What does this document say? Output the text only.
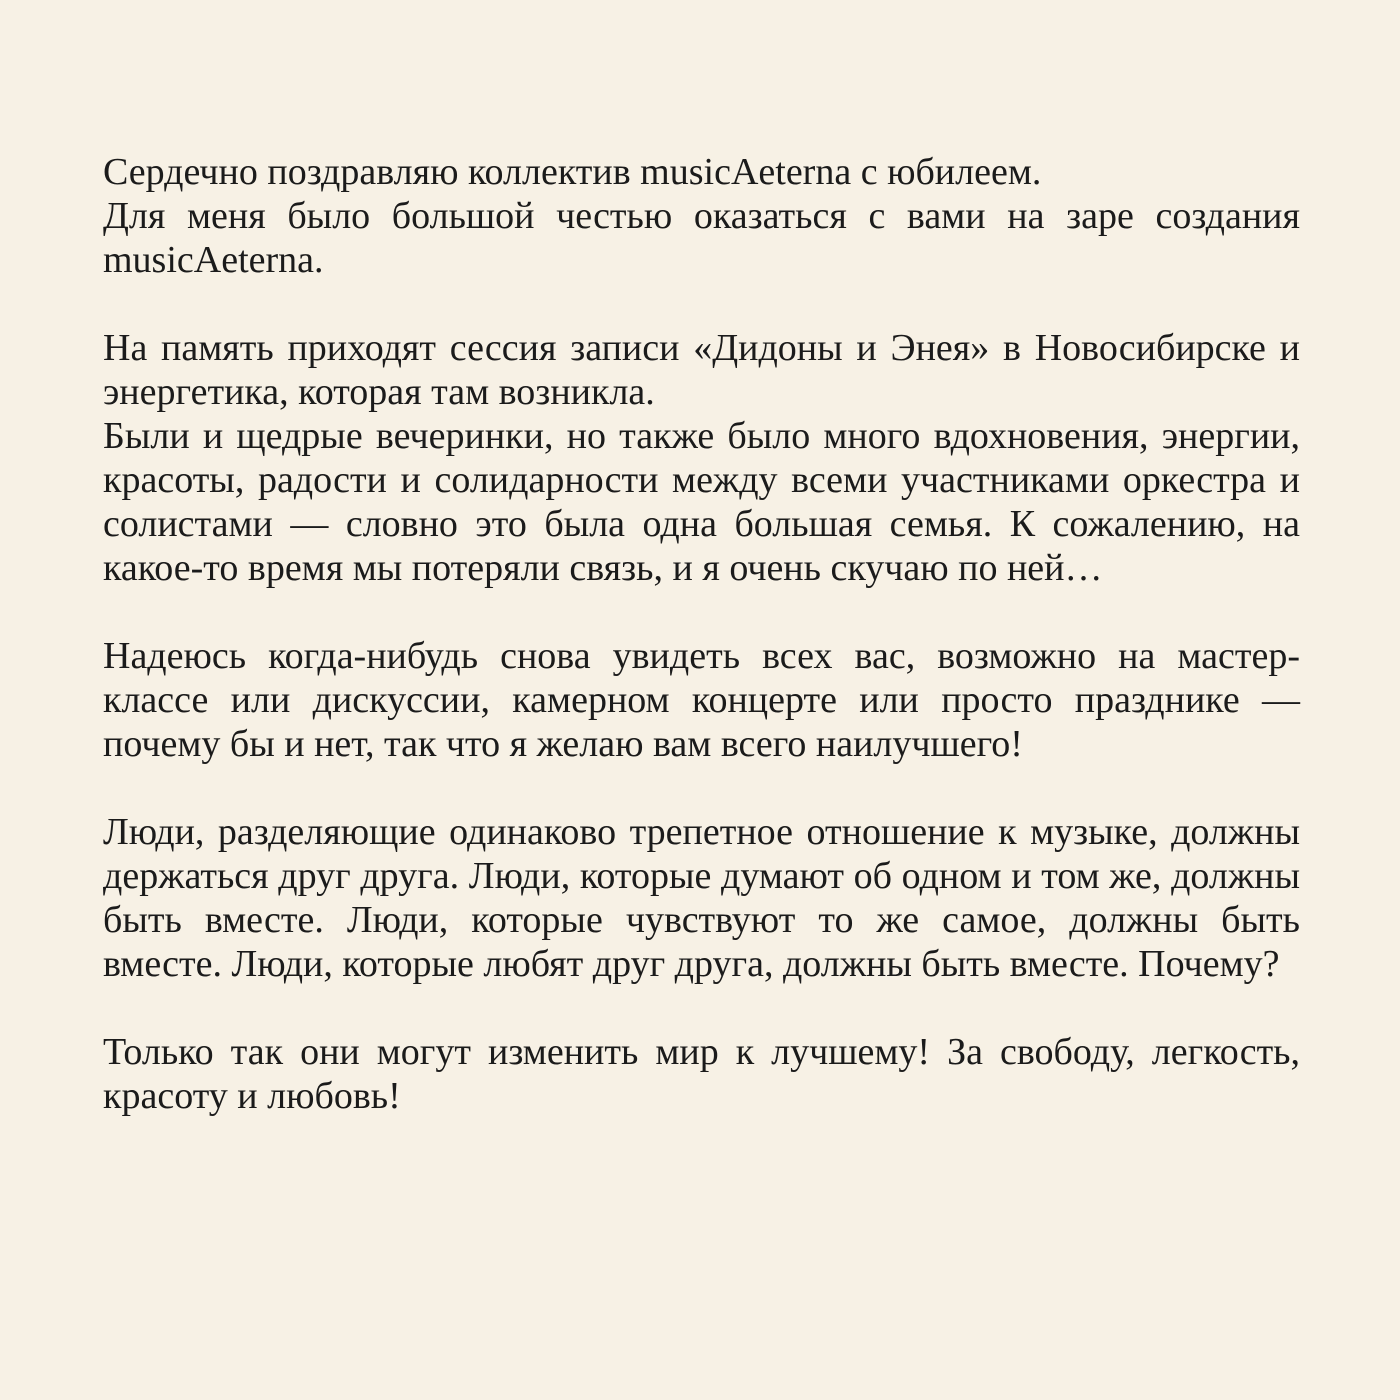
Сердечно поздравляю коллектив musicAeterna с юбилеем.

Для меня было большой честью оказаться с вами на заре создания musicAeterna.

На память приходят сессия записи «Дидоны и Энея» в Новосибирске и энергетика, которая там возникла.

Были и щедрые вечеринки, но также было много вдохновения, энергии, красоты, радости и солидарности между всеми участниками оркестра и солистами — словно это была одна большая семья. К сожалению, на какое-то время мы потеряли связь, и я очень скучаю по ней…

Надеюсь когда-нибудь снова увидеть всех вас, возможно на мастер-классе или дискуссии, камерном концерте или просто празднике — почему бы и нет, так что я желаю вам всего наилучшего!

Люди, разделяющие одинаково трепетное отношение к музыке, должны держаться друг друга. Люди, которые думают об одном и том же, должны быть вместе. Люди, которые чувствуют то же самое, должны быть вместе. Люди, которые любят друг друга, должны быть вместе. Почему?

Только так они могут изменить мир к лучшему! За свободу, легкость, красоту и любовь!
